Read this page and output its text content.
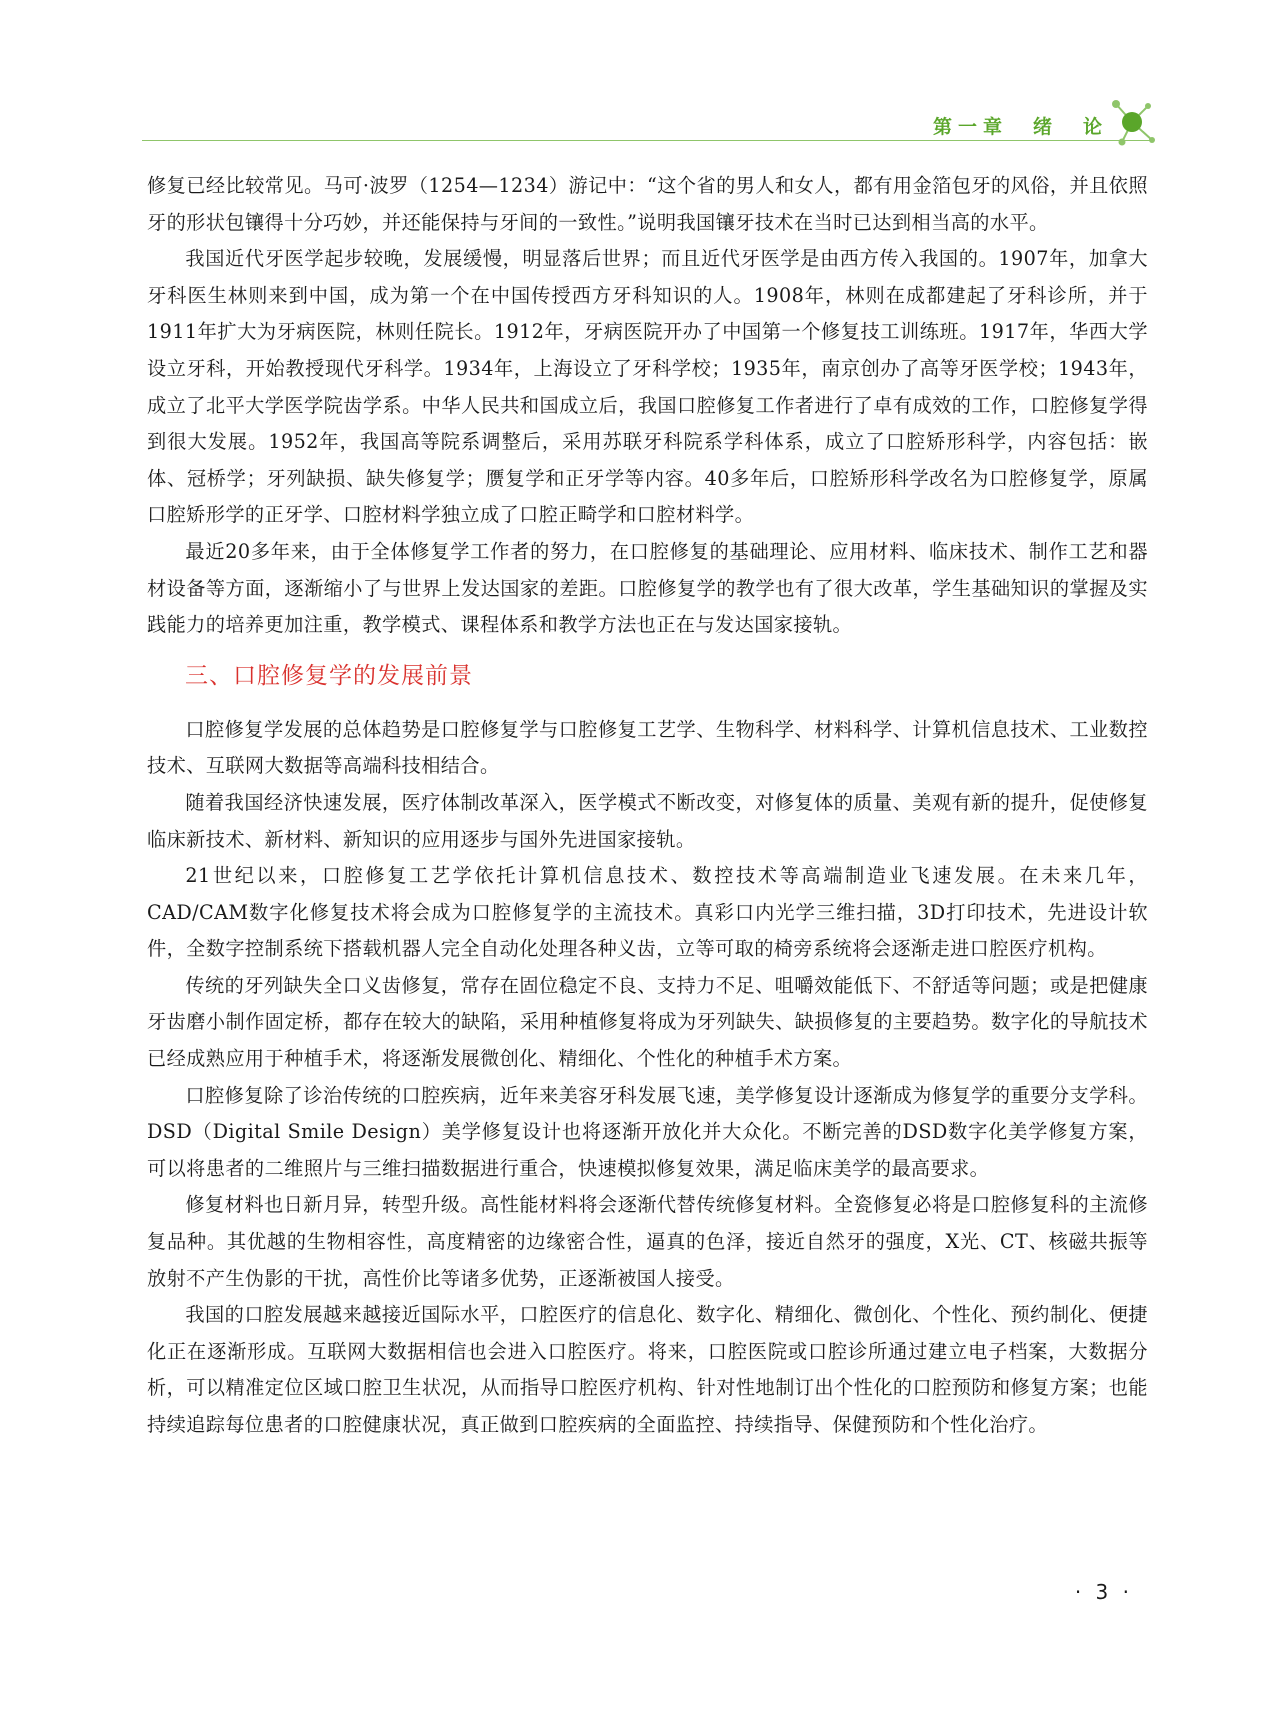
第一章　绪　论

修复已经比较常见。马可·波罗（1254—1234）游记中：“这个省的男人和女人，都有用金箔包牙的风俗，并且依照牙的形状包镶得十分巧妙，并还能保持与牙间的一致性。”说明我国镶牙技术在当时已达到相当高的水平。

我国近代牙医学起步较晚，发展缓慢，明显落后世界；而且近代牙医学是由西方传入我国的。1907年，加拿大牙科医生林则来到中国，成为第一个在中国传授西方牙科知识的人。1908年，林则在成都建起了牙科诊所，并于1911年扩大为牙病医院，林则任院长。1912年，牙病医院开办了中国第一个修复技工训练班。1917年，华西大学设立牙科，开始教授现代牙科学。1934年，上海设立了牙科学校；1935年，南京创办了高等牙医学校；1943年，成立了北平大学医学院齿学系。中华人民共和国成立后，我国口腔修复工作者进行了卓有成效的工作，口腔修复学得到很大发展。1952年，我国高等院系调整后，采用苏联牙科院系学科体系，成立了口腔矫形科学，内容包括：嵌体、冠桥学；牙列缺损、缺失修复学；赝复学和正牙学等内容。40多年后，口腔矫形科学改名为口腔修复学，原属口腔矫形学的正牙学、口腔材料学独立成了口腔正畸学和口腔材料学。

最近20多年来，由于全体修复学工作者的努力，在口腔修复的基础理论、应用材料、临床技术、制作工艺和器材设备等方面，逐渐缩小了与世界上发达国家的差距。口腔修复学的教学也有了很大改革，学生基础知识的掌握及实践能力的培养更加注重，教学模式、课程体系和教学方法也正在与发达国家接轨。

三、口腔修复学的发展前景

口腔修复学发展的总体趋势是口腔修复学与口腔修复工艺学、生物科学、材料科学、计算机信息技术、工业数控技术、互联网大数据等高端科技相结合。

随着我国经济快速发展，医疗体制改革深入，医学模式不断改变，对修复体的质量、美观有新的提升，促使修复临床新技术、新材料、新知识的应用逐步与国外先进国家接轨。

21世纪以来，口腔修复工艺学依托计算机信息技术、数控技术等高端制造业飞速发展。在未来几年，CAD/CAM数字化修复技术将会成为口腔修复学的主流技术。真彩口内光学三维扫描，3D打印技术，先进设计软件，全数字控制系统下搭载机器人完全自动化处理各种义齿，立等可取的椅旁系统将会逐渐走进口腔医疗机构。

传统的牙列缺失全口义齿修复，常存在固位稳定不良、支持力不足、咀嚼效能低下、不舒适等问题；或是把健康牙齿磨小制作固定桥，都存在较大的缺陷，采用种植修复将成为牙列缺失、缺损修复的主要趋势。数字化的导航技术已经成熟应用于种植手术，将逐渐发展微创化、精细化、个性化的种植手术方案。

口腔修复除了诊治传统的口腔疾病，近年来美容牙科发展飞速，美学修复设计逐渐成为修复学的重要分支学科。DSD（Digital Smile Design）美学修复设计也将逐渐开放化并大众化。不断完善的DSD数字化美学修复方案，可以将患者的二维照片与三维扫描数据进行重合，快速模拟修复效果，满足临床美学的最高要求。

修复材料也日新月异，转型升级。高性能材料将会逐渐代替传统修复材料。全瓷修复必将是口腔修复科的主流修复品种。其优越的生物相容性，高度精密的边缘密合性，逼真的色泽，接近自然牙的强度，X光、CT、核磁共振等放射不产生伪影的干扰，高性价比等诸多优势，正逐渐被国人接受。

我国的口腔发展越来越接近国际水平，口腔医疗的信息化、数字化、精细化、微创化、个性化、预约制化、便捷化正在逐渐形成。互联网大数据相信也会进入口腔医疗。将来，口腔医院或口腔诊所通过建立电子档案，大数据分析，可以精准定位区域口腔卫生状况，从而指导口腔医疗机构、针对性地制订出个性化的口腔预防和修复方案；也能持续追踪每位患者的口腔健康状况，真正做到口腔疾病的全面监控、持续指导、保健预防和个性化治疗。

· 3 ·
